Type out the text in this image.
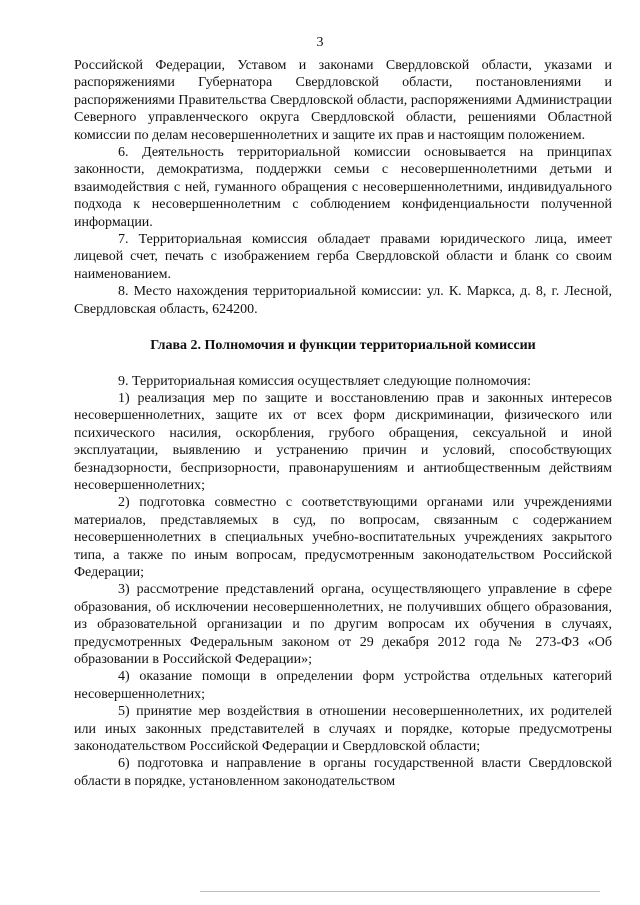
3

Российской Федерации, Уставом и законами Свердловской области, указами и распоряжениями Губернатора Свердловской области, постановлениями и распоряжениями Правительства Свердловской области, распоряжениями Администрации Северного управленческого округа Свердловской области, решениями Областной комиссии по делам несовершеннолетних и защите их прав и настоящим положением.

6. Деятельность территориальной комиссии основывается на принципах законности, демократизма, поддержки семьи с несовершеннолетними детьми и взаимодействия с ней, гуманного обращения с несовершеннолетними, индивидуального подхода к несовершеннолетним с соблюдением конфиденциальности полученной информации.

7. Территориальная комиссия обладает правами юридического лица, имеет лицевой счет, печать с изображением герба Свердловской области и бланк со своим наименованием.

8. Место нахождения территориальной комиссии: ул. К. Маркса, д. 8, г. Лесной, Свердловская область, 624200.

Глава 2. Полномочия и функции территориальной комиссии

9. Территориальная комиссия осуществляет следующие полномочия:

1) реализация мер по защите и восстановлению прав и законных интересов несовершеннолетних, защите их от всех форм дискриминации, физического или психического насилия, оскорбления, грубого обращения, сексуальной и иной эксплуатации, выявлению и устранению причин и условий, способствующих безнадзорности, беспризорности, правонарушениям и антиобщественным действиям несовершеннолетних;

2) подготовка совместно с соответствующими органами или учреждениями материалов, представляемых в суд, по вопросам, связанным с содержанием несовершеннолетних в специальных учебно-воспитательных учреждениях закрытого типа, а также по иным вопросам, предусмотренным законодательством Российской Федерации;

3) рассмотрение представлений органа, осуществляющего управление в сфере образования, об исключении несовершеннолетних, не получивших общего образования, из образовательной организации и по другим вопросам их обучения в случаях, предусмотренных Федеральным законом от 29 декабря 2012 года № 273-ФЗ «Об образовании в Российской Федерации»;

4) оказание помощи в определении форм устройства отдельных категорий несовершеннолетних;

5) принятие мер воздействия в отношении несовершеннолетних, их родителей или иных законных представителей в случаях и порядке, которые предусмотрены законодательством Российской Федерации и Свердловской области;

6) подготовка и направление в органы государственной власти Свердловской области в порядке, установленном законодательством
